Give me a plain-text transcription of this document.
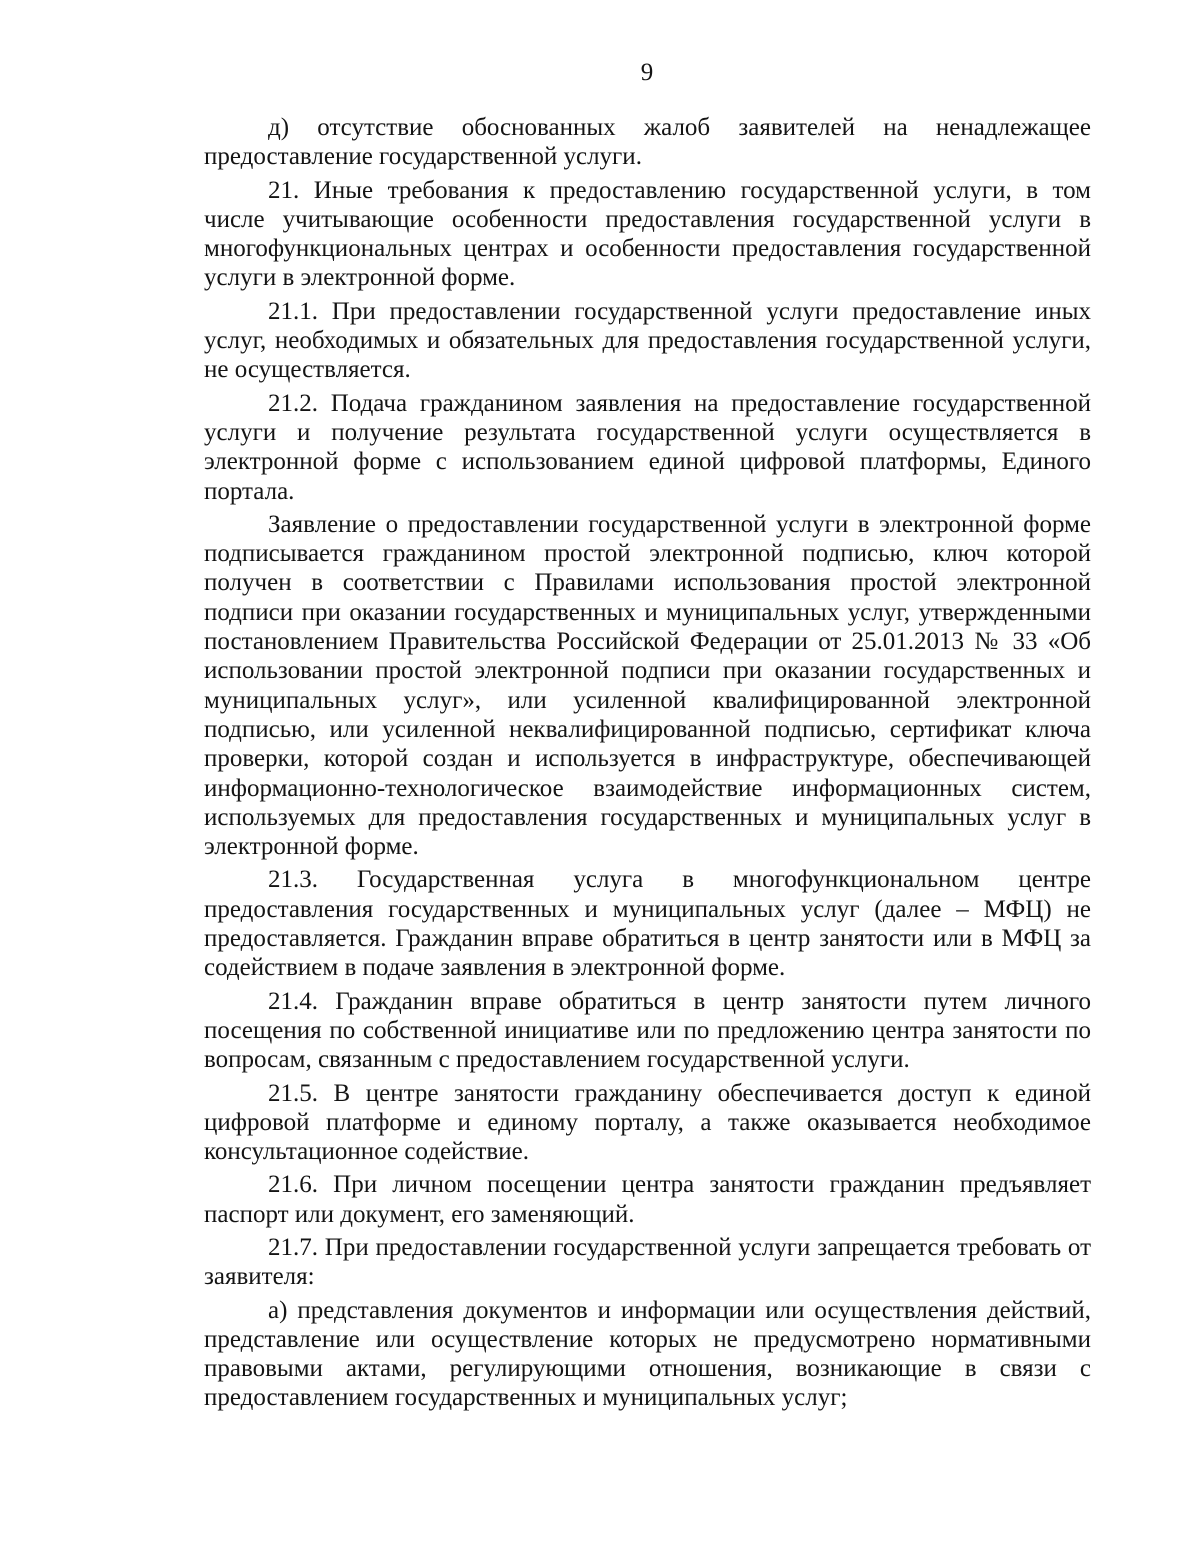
9

д) отсутствие обоснованных жалоб заявителей на ненадлежащее предоставление государственной услуги.

21. Иные требования к предоставлению государственной услуги, в том числе учитывающие особенности предоставления государственной услуги в многофункциональных центрах и особенности предоставления государственной услуги в электронной форме.

21.1. При предоставлении государственной услуги предоставление иных услуг, необходимых и обязательных для предоставления государственной услуги, не осуществляется.

21.2. Подача гражданином заявления на предоставление государственной услуги и получение результата государственной услуги осуществляется в электронной форме с использованием единой цифровой платформы, Единого портала.

Заявление о предоставлении государственной услуги в электронной форме подписывается гражданином простой электронной подписью, ключ которой получен в соответствии с Правилами использования простой электронной подписи при оказании государственных и муниципальных услуг, утвержденными постановлением Правительства Российской Федерации от 25.01.2013 № 33 «Об использовании простой электронной подписи при оказании государственных и муниципальных услуг», или усиленной квалифицированной электронной подписью, или усиленной неквалифицированной подписью, сертификат ключа проверки, которой создан и используется в инфраструктуре, обеспечивающей информационно-технологическое взаимодействие информационных систем, используемых для предоставления государственных и муниципальных услуг в электронной форме.

21.3. Государственная услуга в многофункциональном центре предоставления государственных и муниципальных услуг (далее – МФЦ) не предоставляется. Гражданин вправе обратиться в центр занятости или в МФЦ за содействием в подаче заявления в электронной форме.

21.4. Гражданин вправе обратиться в центр занятости путем личного посещения по собственной инициативе или по предложению центра занятости по вопросам, связанным с предоставлением государственной услуги.

21.5. В центре занятости гражданину обеспечивается доступ к единой цифровой платформе и единому порталу, а также оказывается необходимое консультационное содействие.

21.6. При личном посещении центра занятости гражданин предъявляет паспорт или документ, его заменяющий.

21.7. При предоставлении государственной услуги запрещается требовать от заявителя:

а) представления документов и информации или осуществления действий, представление или осуществление которых не предусмотрено нормативными правовыми актами, регулирующими отношения, возникающие в связи с предоставлением государственных и муниципальных услуг;
